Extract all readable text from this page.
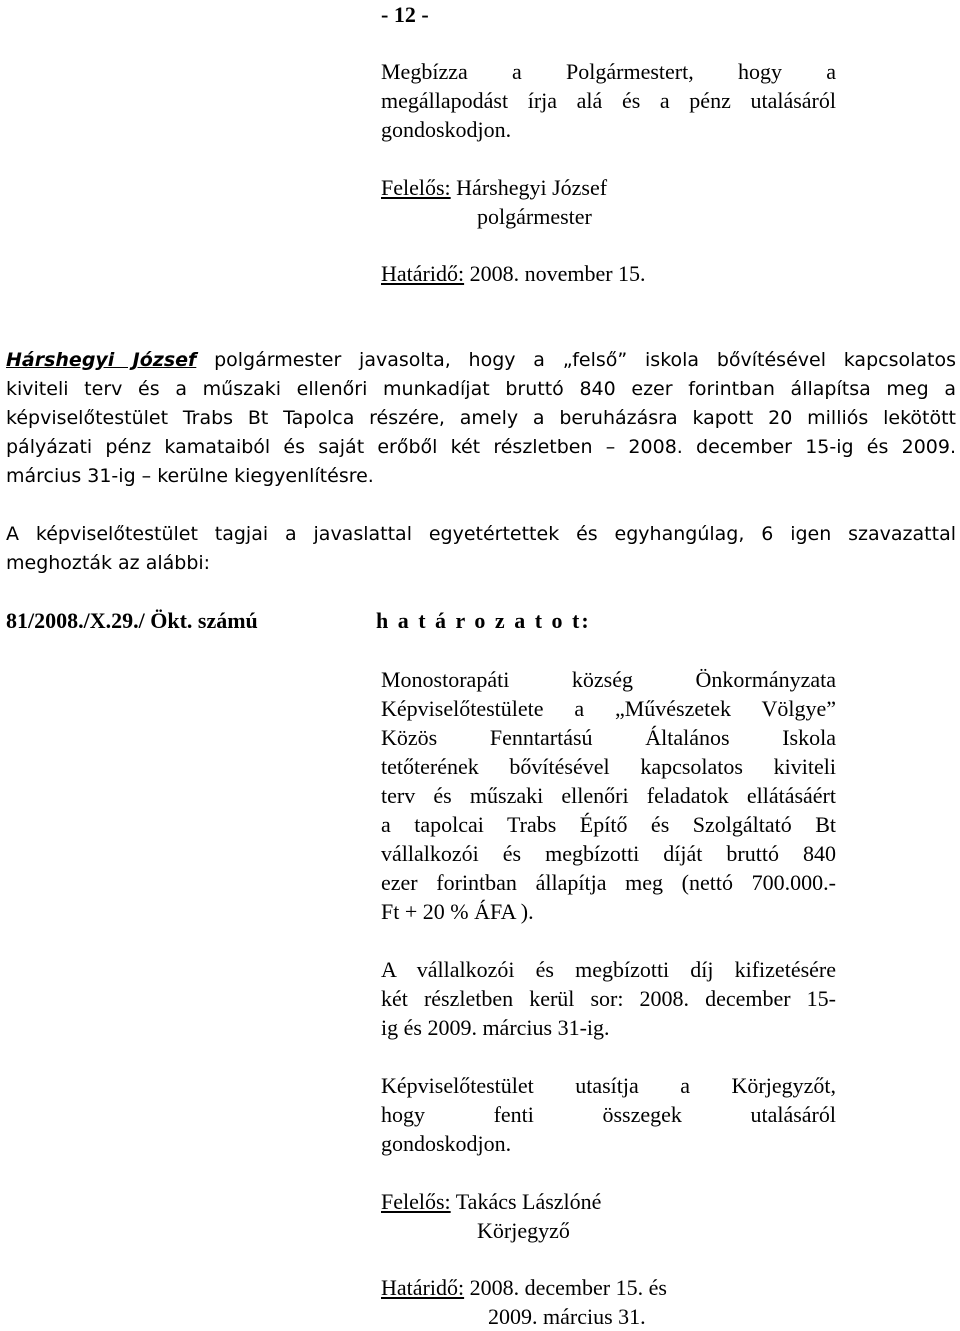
- 12 -
Megbízza a Polgármestert, hogy a
megállapodást írja alá és a pénz utalásáról
gondoskodjon.
Felelős: Hárshegyi József
polgármester
Határidő: 2008. november 15.
Hárshegyi József polgármester javasolta, hogy a „felső” iskola bővítésével kapcsolatos
kiviteli terv és a műszaki ellenőri munkadíjat bruttó 840 ezer forintban állapítsa meg a
képviselőtestület Trabs Bt Tapolca részére, amely a beruházásra kapott 20 milliós lekötött
pályázati pénz kamataiból és saját erőből két részletben – 2008. december 15-ig és 2009.
március 31-ig – kerülne kiegyenlítésre.
A képviselőtestület tagjai a javaslattal egyetértettek és egyhangúlag, 6 igen szavazattal
meghozták az alábbi:
81/2008./X.29./ Ökt. számú	h a t á r o z a t o t:
Monostorapáti község Önkormányzata
Képviselőtestülete a „Művészetek Völgye”
Közös Fenntartású Általános Iskola
tetőterének bővítésével kapcsolatos kiviteli
terv és műszaki ellenőri feladatok ellátásáért
a tapolcai Trabs Építő és Szolgáltató Bt
vállalkozói és megbízotti díját bruttó 840
ezer forintban állapítja meg (nettó 700.000.-
Ft + 20 % ÁFA ).
A vállalkozói és megbízotti díj kifizetésére
két részletben kerül sor: 2008. december 15-
ig és 2009. március 31-ig.
Képviselőtestület utasítja a Körjegyzőt,
hogy fenti összegek utalásáról
gondoskodjon.
Felelős: Takács Lászlóné
Körjegyző
Határidő: 2008. december 15. és
2009. március 31.
